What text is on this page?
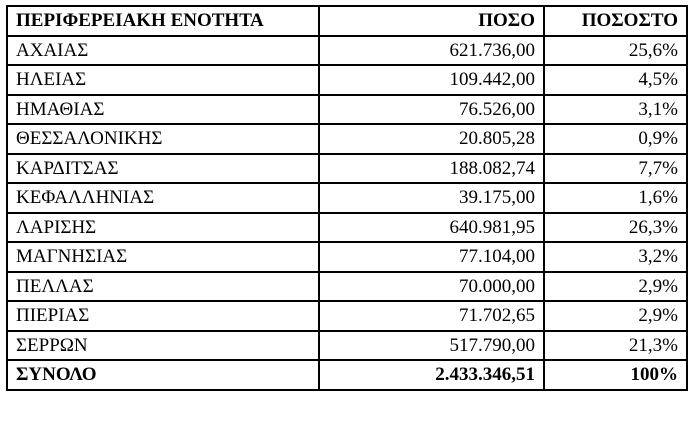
ΠΕΡΙΦΕΡΕΙΑΚΗ ΕΝΟΤΗΤΑ	ΠΟΣΟ	ΠΟΣΟΣΤΟ
ΑΧΑΙΑΣ	621.736,00	25,6%
ΗΛΕΙΑΣ	109.442,00	4,5%
ΗΜΑΘΙΑΣ	76.526,00	3,1%
ΘΕΣΣΑΛΟΝΙΚΗΣ	20.805,28	0,9%
ΚΑΡΔΙΤΣΑΣ	188.082,74	7,7%
ΚΕΦΑΛΛΗΝΙΑΣ	39.175,00	1,6%
ΛΑΡΙΣΗΣ	640.981,95	26,3%
ΜΑΓΝΗΣΙΑΣ	77.104,00	3,2%
ΠΕΛΛΑΣ	70.000,00	2,9%
ΠΙΕΡΙΑΣ	71.702,65	2,9%
ΣΕΡΡΩΝ	517.790,00	21,3%
ΣΥΝΟΛΟ	2.433.346,51	100%
